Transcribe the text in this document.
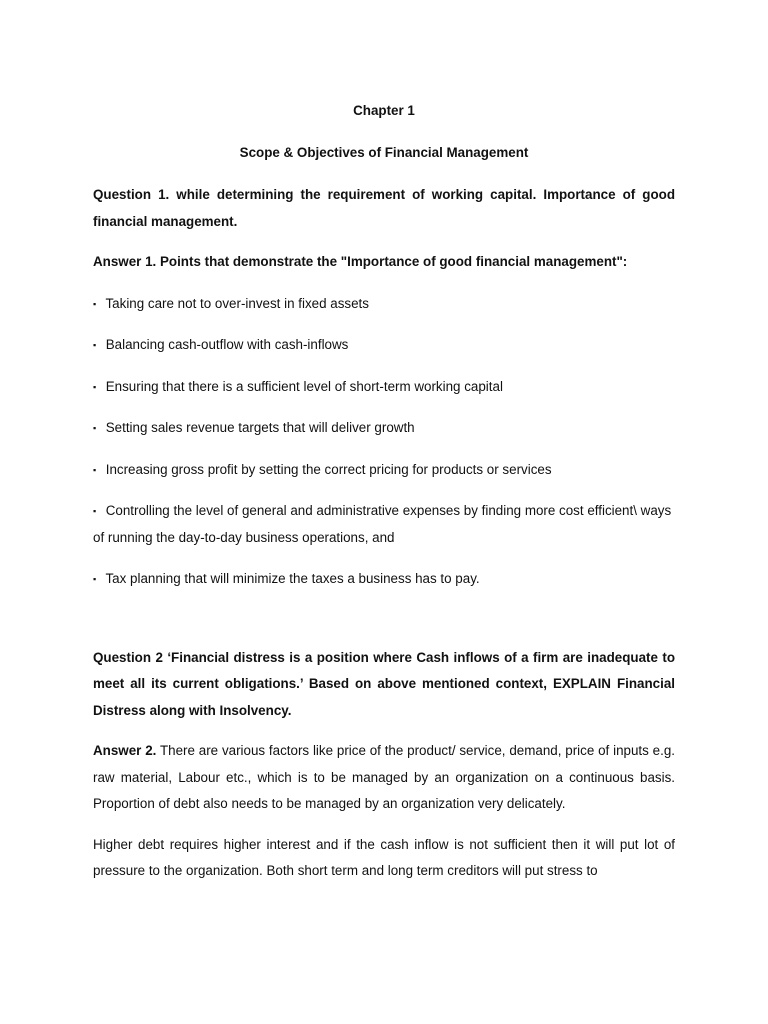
Chapter 1

Scope & Objectives of Financial Management

Question 1. while determining the requirement of working capital. Importance of good financial management.

Answer 1. Points that demonstrate the "Importance of good financial management":

▪ Taking care not to over-invest in fixed assets
▪ Balancing cash-outflow with cash-inflows
▪ Ensuring that there is a sufficient level of short-term working capital
▪ Setting sales revenue targets that will deliver growth
▪ Increasing gross profit by setting the correct pricing for products or services
▪ Controlling the level of general and administrative expenses by finding more cost efficient\ ways of running the day-to-day business operations, and
▪ Tax planning that will minimize the taxes a business has to pay.

Question 2 ‘Financial distress is a position where Cash inflows of a firm are inadequate to meet all its current obligations.’ Based on above mentioned context, EXPLAIN Financial Distress along with Insolvency.

Answer 2. There are various factors like price of the product/ service, demand, price of inputs e.g. raw material, Labour etc., which is to be managed by an organization on a continuous basis. Proportion of debt also needs to be managed by an organization very delicately.

Higher debt requires higher interest and if the cash inflow is not sufficient then it will put lot of pressure to the organization. Both short term and long term creditors will put stress to
